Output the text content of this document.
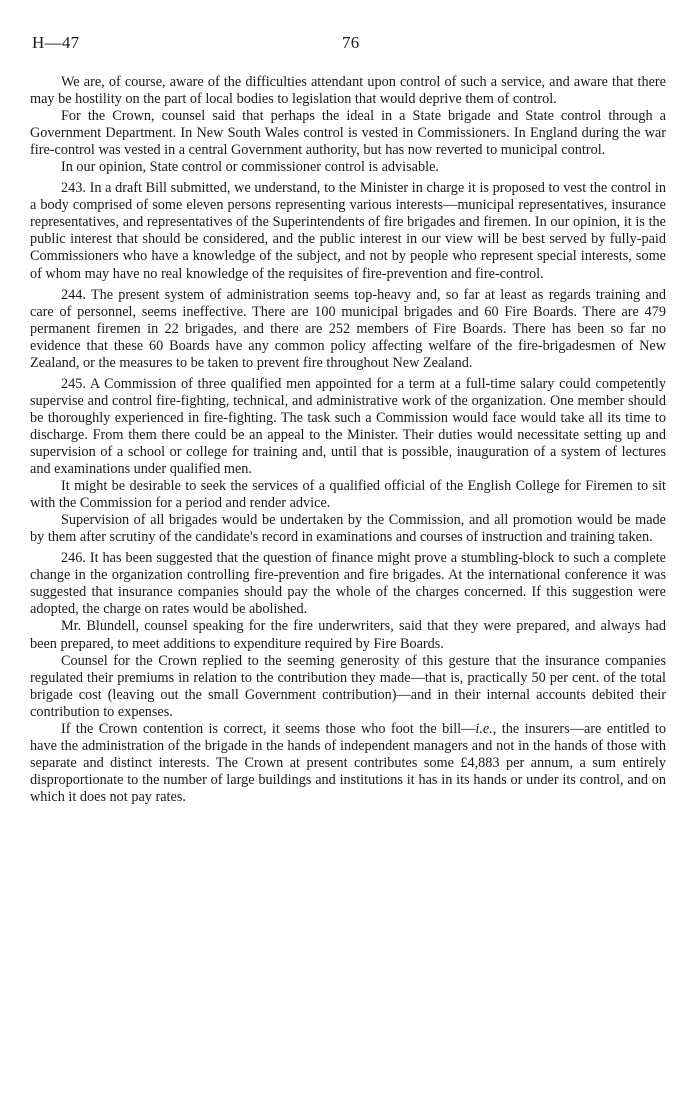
H—47	76

We are, of course, aware of the difficulties attendant upon control of such a service, and aware that there may be hostility on the part of local bodies to legislation that would deprive them of control.

For the Crown, counsel said that perhaps the ideal in a State brigade and State control through a Government Department. In New South Wales control is vested in Commissioners. In England during the war fire-control was vested in a central Government authority, but has now reverted to municipal control.

In our opinion, State control or commissioner control is advisable.

243. In a draft Bill submitted, we understand, to the Minister in charge it is proposed to vest the control in a body comprised of some eleven persons representing various interests—municipal representatives, insurance representatives, and representatives of the Superintendents of fire brigades and firemen. In our opinion, it is the public interest that should be considered, and the public interest in our view will be best served by fully-paid Commissioners who have a knowledge of the subject, and not by people who represent special interests, some of whom may have no real knowledge of the requisites of fire-prevention and fire-control.

244. The present system of administration seems top-heavy and, so far at least as regards training and care of personnel, seems ineffective. There are 100 municipal brigades and 60 Fire Boards. There are 479 permanent firemen in 22 brigades, and there are 252 members of Fire Boards. There has been so far no evidence that these 60 Boards have any common policy affecting welfare of the fire-brigadesmen of New Zealand, or the measures to be taken to prevent fire throughout New Zealand.

245. A Commission of three qualified men appointed for a term at a full-time salary could competently supervise and control fire-fighting, technical, and administrative work of the organization. One member should be thoroughly experienced in fire-fighting. The task such a Commission would face would take all its time to discharge. From them there could be an appeal to the Minister. Their duties would necessitate setting up and supervision of a school or college for training and, until that is possible, inauguration of a system of lectures and examinations under qualified men.

It might be desirable to seek the services of a qualified official of the English College for Firemen to sit with the Commission for a period and render advice.

Supervision of all brigades would be undertaken by the Commission, and all promotion would be made by them after scrutiny of the candidate's record in examinations and courses of instruction and training taken.

246. It has been suggested that the question of finance might prove a stumbling-block to such a complete change in the organization controlling fire-prevention and fire brigades. At the international conference it was suggested that insurance companies should pay the whole of the charges concerned. If this suggestion were adopted, the charge on rates would be abolished.

Mr. Blundell, counsel speaking for the fire underwriters, said that they were prepared, and always had been prepared, to meet additions to expenditure required by Fire Boards.

Counsel for the Crown replied to the seeming generosity of this gesture that the insurance companies regulated their premiums in relation to the contribution they made—that is, practically 50 per cent. of the total brigade cost (leaving out the small Government contribution)—and in their internal accounts debited their contribution to expenses.

If the Crown contention is correct, it seems those who foot the bill—i.e., the insurers—are entitled to have the administration of the brigade in the hands of independent managers and not in the hands of those with separate and distinct interests. The Crown at present contributes some £4,883 per annum, a sum entirely disproportionate to the number of large buildings and institutions it has in its hands or under its control, and on which it does not pay rates.
